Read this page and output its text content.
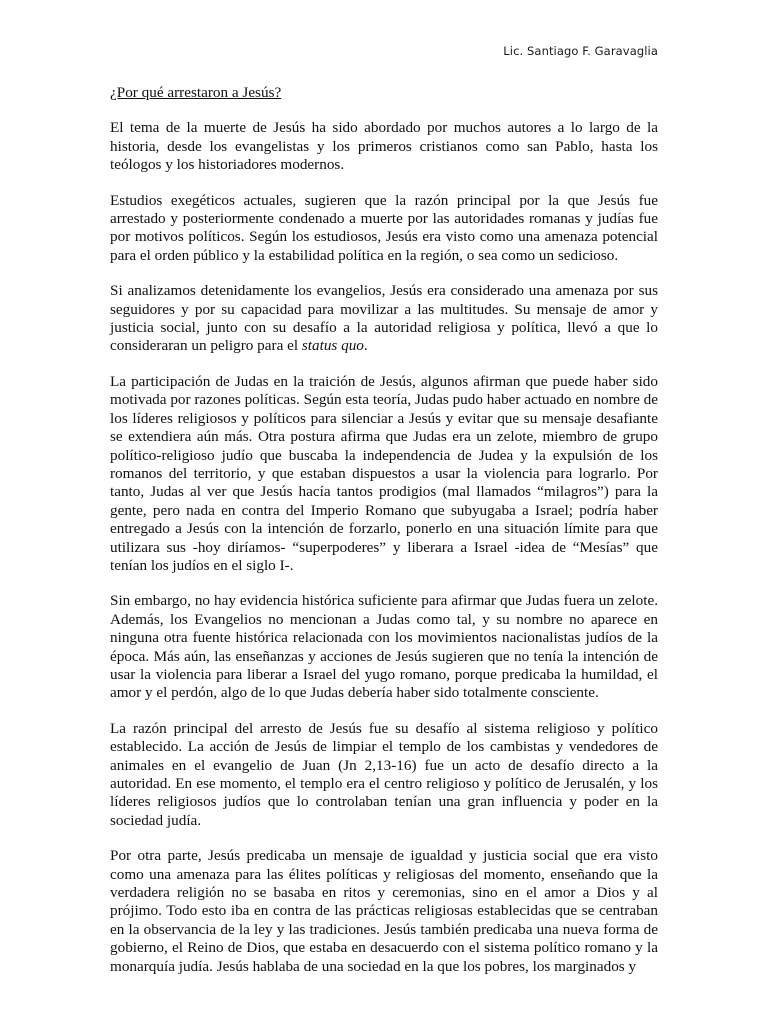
Lic. Santiago F. Garavaglia
¿Por qué arrestaron a Jesús?

El tema de la muerte de Jesús ha sido abordado por muchos autores a lo largo de la historia, desde los evangelistas y los primeros cristianos como san Pablo, hasta los teólogos y los historiadores modernos.

Estudios exegéticos actuales, sugieren que la razón principal por la que Jesús fue arrestado y posteriormente condenado a muerte por las autoridades romanas y judías fue por motivos políticos. Según los estudiosos, Jesús era visto como una amenaza potencial para el orden público y la estabilidad política en la región, o sea como un sedicioso.

Si analizamos detenidamente los evangelios, Jesús era considerado una amenaza por sus seguidores y por su capacidad para movilizar a las multitudes. Su mensaje de amor y justicia social, junto con su desafío a la autoridad religiosa y política, llevó a que lo consideraran un peligro para el status quo.

La participación de Judas en la traición de Jesús, algunos afirman que puede haber sido motivada por razones políticas. Según esta teoría, Judas pudo haber actuado en nombre de los líderes religiosos y políticos para silenciar a Jesús y evitar que su mensaje desafiante se extendiera aún más. Otra postura afirma que Judas era un zelote, miembro de grupo político-religioso judío que buscaba la independencia de Judea y la expulsión de los romanos del territorio, y que estaban dispuestos a usar la violencia para lograrlo. Por tanto, Judas al ver que Jesús hacía tantos prodigios (mal llamados “milagros”) para la gente, pero nada en contra del Imperio Romano que subyugaba a Israel; podría haber entregado a Jesús con la intención de forzarlo, ponerlo en una situación límite para que utilizara sus -hoy diríamos- “superpoderes” y liberara a Israel -idea de “Mesías” que tenían los judíos en el siglo I-.

Sin embargo, no hay evidencia histórica suficiente para afirmar que Judas fuera un zelote. Además, los Evangelios no mencionan a Judas como tal, y su nombre no aparece en ninguna otra fuente histórica relacionada con los movimientos nacionalistas judíos de la época. Más aún, las enseñanzas y acciones de Jesús sugieren que no tenía la intención de usar la violencia para liberar a Israel del yugo romano, porque predicaba la humildad, el amor y el perdón, algo de lo que Judas debería haber sido totalmente consciente.

La razón principal del arresto de Jesús fue su desafío al sistema religioso y político establecido. La acción de Jesús de limpiar el templo de los cambistas y vendedores de animales en el evangelio de Juan (Jn 2,13-16) fue un acto de desafío directo a la autoridad. En ese momento, el templo era el centro religioso y político de Jerusalén, y los líderes religiosos judíos que lo controlaban tenían una gran influencia y poder en la sociedad judía.

Por otra parte, Jesús predicaba un mensaje de igualdad y justicia social que era visto como una amenaza para las élites políticas y religiosas del momento, enseñando que la verdadera religión no se basaba en ritos y ceremonias, sino en el amor a Dios y al prójimo. Todo esto iba en contra de las prácticas religiosas establecidas que se centraban en la observancia de la ley y las tradiciones. Jesús también predicaba una nueva forma de gobierno, el Reino de Dios, que estaba en desacuerdo con el sistema político romano y la monarquía judía. Jesús hablaba de una sociedad en la que los pobres, los marginados y
